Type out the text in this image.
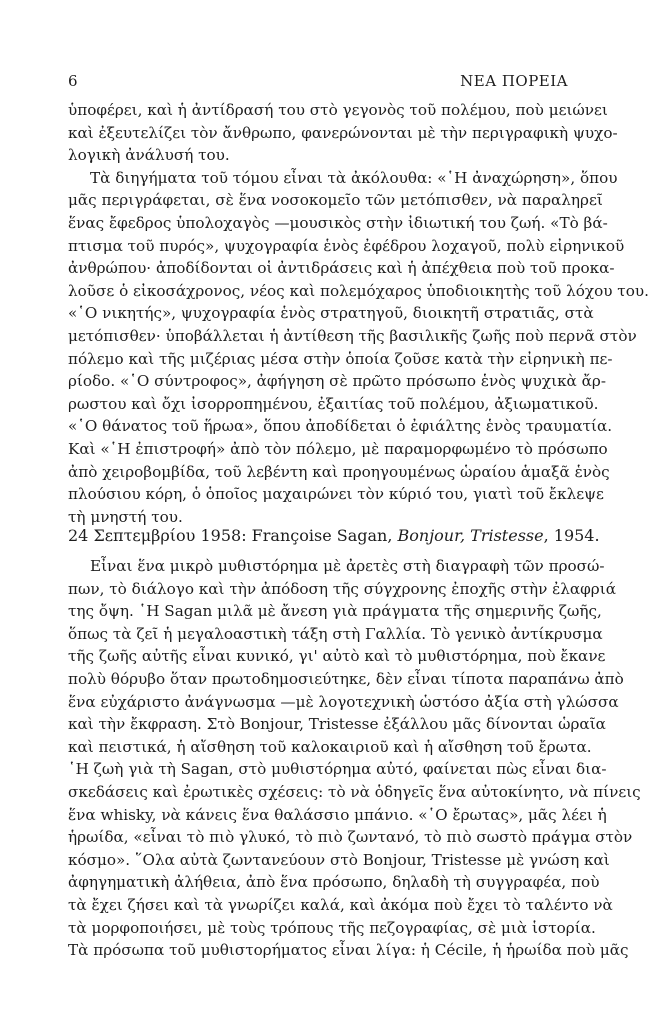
6	ΝΕΑ ΠΟΡΕΙΑ
ὑποφέρει, καὶ ἡ ἀντίδρασή του στὸ γεγονὸς τοῦ πολέμου, ποὺ μειώνει
καὶ ἐξευτελίζει τὸν ἄνθρωπο, φανερώνονται μὲ τὴν περιγραφικὴ ψυχο-
λογικὴ ἀνάλυσή του.
Τὰ διηγήματα τοῦ τόμου εἶναι τὰ ἀκόλουθα: «῾Η ἀναχώρηση», ὅπου
μᾶς περιγράφεται, σὲ ἕνα νοσοκομεῖο τῶν μετόπισθεν, νὰ παραληρεῖ
ἕνας ἔφεδρος ὑπολοχαγὸς —μουσικὸς στὴν ἰδιωτική του ζωή. «Τὸ βά-
πτισμα τοῦ πυρός», ψυχογραφία ἑνὸς ἐφέδρου λοχαγοῦ, πολὺ εἰρηνικοῦ
ἀνθρώπου· ἀποδίδονται οἱ ἀντιδράσεις καὶ ἡ ἀπέχθεια ποὺ τοῦ προκα-
λοῦσε ὁ εἰκοσάχρονος, νέος καὶ πολεμόχαρος ὑποδιοικητὴς τοῦ λόχου του.
«῾Ο νικητής», ψυχογραφία ἑνὸς στρατηγοῦ, διοικητῆ στρατιᾶς, στὰ
μετόπισθεν· ὑποβάλλεται ἡ ἀντίθεση τῆς βασιλικῆς ζωῆς ποὺ περνᾶ στὸν
πόλεμο καὶ τῆς μιζέριας μέσα στὴν ὁποία ζοῦσε κατὰ τὴν εἰρηνικὴ πε-
ρίοδο. «῾Ο σύντροφος», ἀφήγηση σὲ πρῶτο πρόσωπο ἑνὸς ψυχικὰ ἄρ-
ρωστου καὶ ὄχι ἰσορροπημένου, ἐξαιτίας τοῦ πολέμου, ἀξιωματικοῦ.
«῾Ο θάνατος τοῦ ἥρωα», ὅπου ἀποδίδεται ὁ ἐφιάλτης ἑνὸς τραυματία.
Καὶ «῾Η ἐπιστροφή» ἀπὸ τὸν πόλεμο, μὲ παραμορφωμένο τὸ πρόσωπο
ἀπὸ χειροβομβίδα, τοῦ λεβέντη καὶ προηγουμένως ὡραίου ἁμαξᾶ ἑνὸς
πλούσιου κόρη, ὁ ὁποῖος μαχαιρώνει τὸν κύριό του, γιατὶ τοῦ ἔκλεψε
τὴ μνηστή του.
24 Σεπτεμβρίου 1958: Françoise Sagan, Bonjour, Tristesse, 1954.
Εἶναι ἕνα μικρὸ μυθιστόρημα μὲ ἀρετὲς στὴ διαγραφὴ τῶν προσώ-
πων, τὸ διάλογο καὶ τὴν ἀπόδοση τῆς σύγχρονης ἐποχῆς στὴν ἐλαφριά
της ὄψη. ῾Η Sagan μιλᾶ μὲ ἄνεση γιὰ πράγματα τῆς σημερινῆς ζωῆς,
ὅπως τὰ ζεῖ ἡ μεγαλοαστικὴ τάξη στὴ Γαλλία. Τὸ γενικὸ ἀντίκρυσμα
τῆς ζωῆς αὐτῆς εἶναι κυνικό, γι' αὐτὸ καὶ τὸ μυθιστόρημα, ποὺ ἔκανε
πολὺ θόρυβο ὅταν πρωτοδημοσιεύτηκε, δὲν εἶναι τίποτα παραπάνω ἀπὸ
ἕνα εὐχάριστο ἀνάγνωσμα —μὲ λογοτεχνικὴ ὡστόσο ἀξία στὴ γλώσσα
καὶ τὴν ἔκφραση. Στὸ Bonjour, Tristesse ἐξάλλου μᾶς δίνονται ὡραῖα
καὶ πειστικά, ἡ αἴσθηση τοῦ καλοκαιριοῦ καὶ ἡ αἴσθηση τοῦ ἔρωτα.
῾Η ζωὴ γιὰ τὴ Sagan, στὸ μυθιστόρημα αὐτό, φαίνεται πὼς εἶναι δια-
σκεδάσεις καὶ ἐρωτικὲς σχέσεις: τὸ νὰ ὁδηγεῖς ἕνα αὐτοκίνητο, νὰ πίνεις
ἕνα whisky, νὰ κάνεις ἕνα θαλάσσιο μπάνιο. «῾Ο ἔρωτας», μᾶς λέει ἡ
ἡρωίδα, «εἶναι τὸ πιὸ γλυκό, τὸ πιὸ ζωντανό, τὸ πιὸ σωστὸ πράγμα στὸν
κόσμο». ῞Ολα αὐτὰ ζωντανεύουν στὸ Bonjour, Tristesse μὲ γνώση καὶ
ἀφηγηματικὴ ἀλήθεια, ἀπὸ ἕνα πρόσωπο, δηλαδὴ τὴ συγγραφέα, ποὺ
τὰ ἔχει ζήσει καὶ τὰ γνωρίζει καλά, καὶ ἀκόμα ποὺ ἔχει τὸ ταλέντο νὰ
τὰ μορφοποιήσει, μὲ τοὺς τρόπους τῆς πεζογραφίας, σὲ μιὰ ἱστορία.
Τὰ πρόσωπα τοῦ μυθιστορήματος εἶναι λίγα: ἡ Cécile, ἡ ἡρωίδα ποὺ μᾶς
